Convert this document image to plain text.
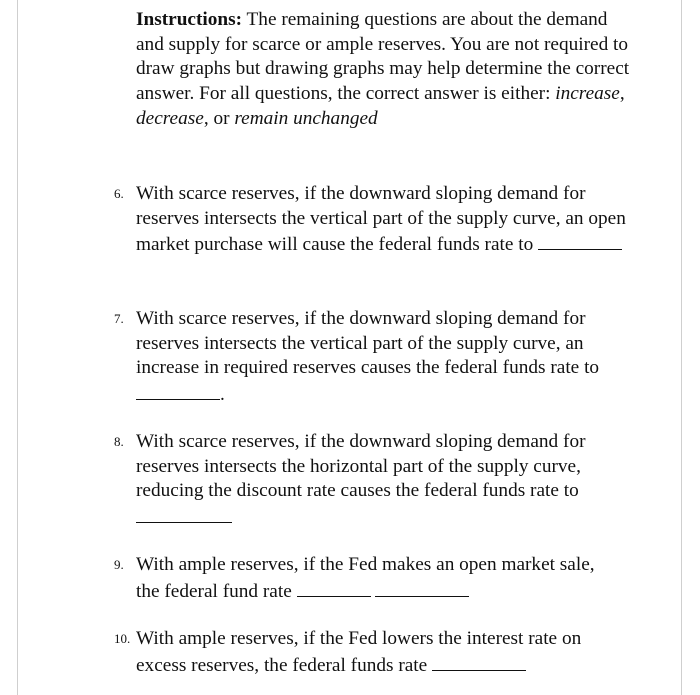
Instructions: The remaining questions are about the demand and supply for scarce or ample reserves. You are not required to draw graphs but drawing graphs may help determine the correct answer. For all questions, the correct answer is either: increase, decrease, or remain unchanged
6. With scarce reserves, if the downward sloping demand for reserves intersects the vertical part of the supply curve, an open market purchase will cause the federal funds rate to
7. With scarce reserves, if the downward sloping demand for reserves intersects the vertical part of the supply curve, an increase in required reserves causes the federal funds rate to .
8. With scarce reserves, if the downward sloping demand for reserves intersects the horizontal part of the supply curve, reducing the discount rate causes the federal funds rate to
9. With ample reserves, if the Fed makes an open market sale, the federal fund rate
10. With ample reserves, if the Fed lowers the interest rate on excess reserves, the federal funds rate
